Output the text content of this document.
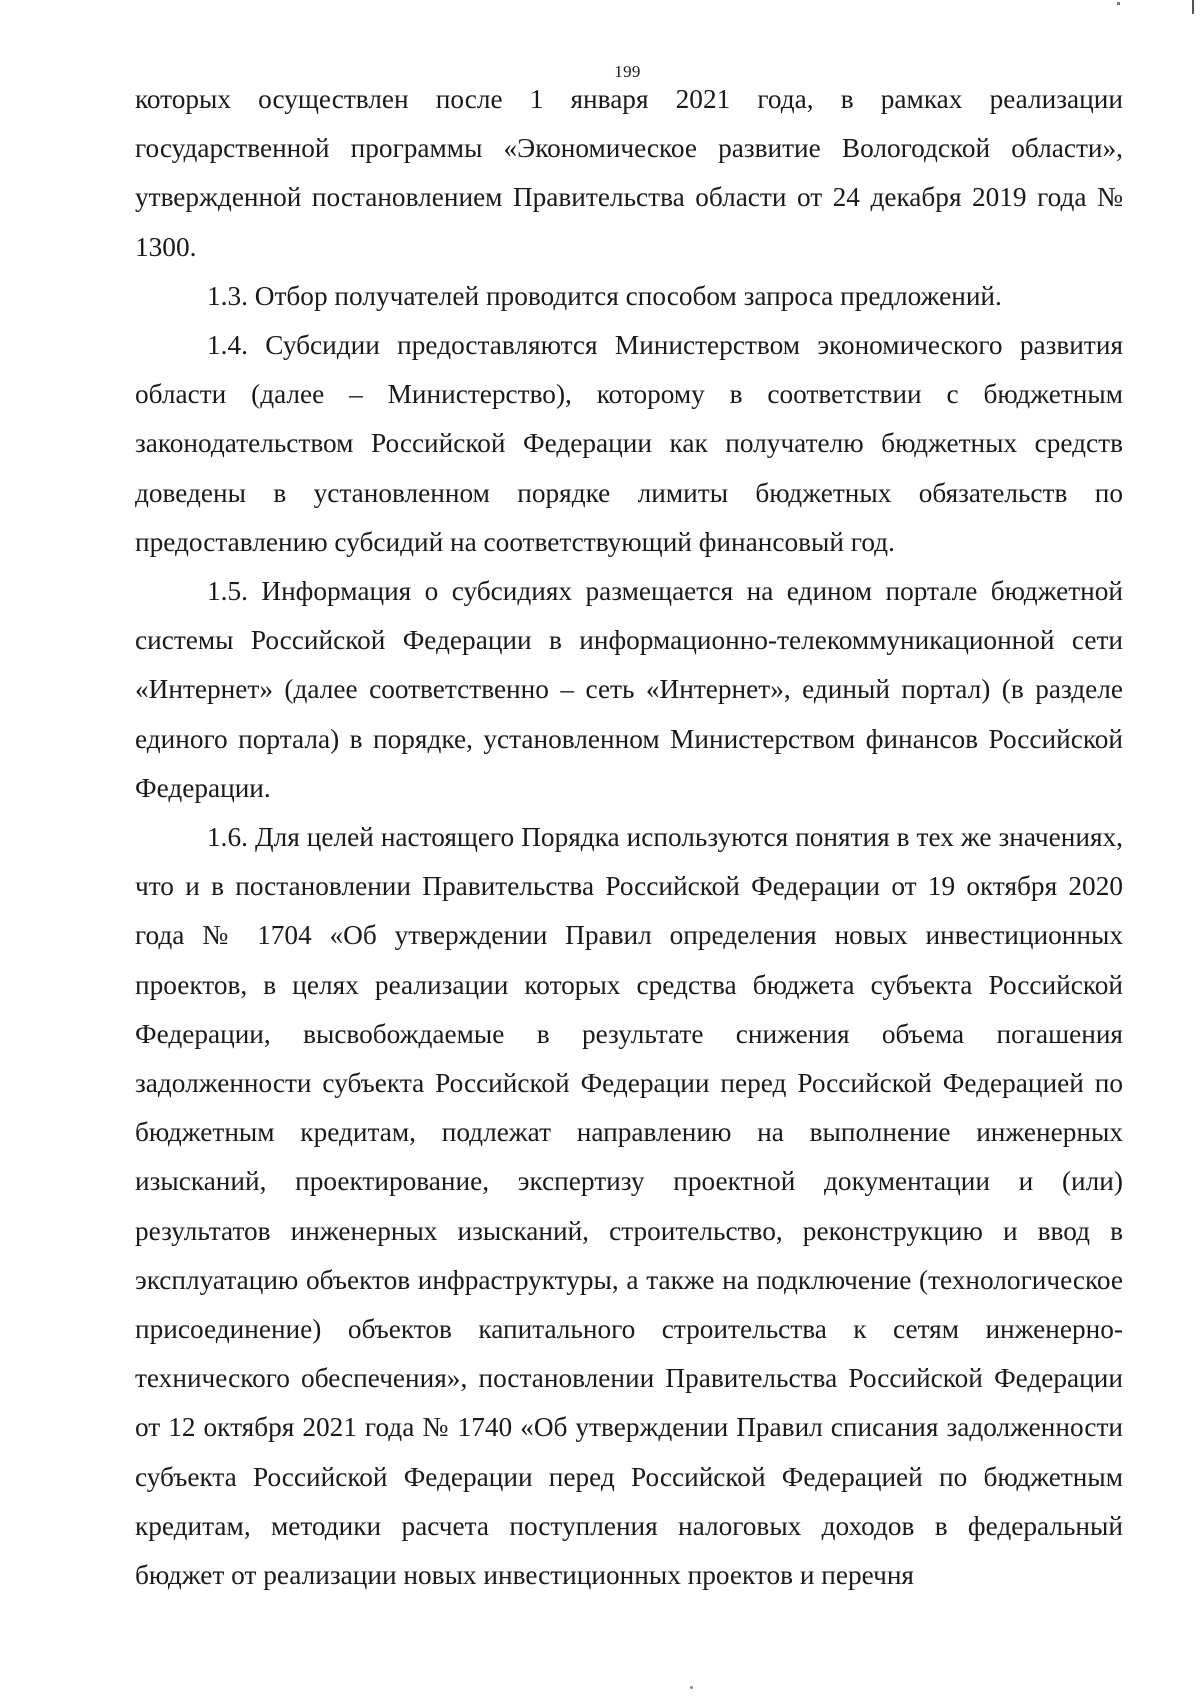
199

которых осуществлен после 1 января 2021 года, в рамках реализации государственной программы «Экономическое развитие Вологодской области», утвержденной постановлением Правительства области от 24 декабря 2019 года № 1300.

1.3. Отбор получателей проводится способом запроса предложений.

1.4. Субсидии предоставляются Министерством экономического развития области (далее – Министерство), которому в соответствии с бюджетным законодательством Российской Федерации как получателю бюджетных средств доведены в установленном порядке лимиты бюджетных обязательств по предоставлению субсидий на соответствующий финансовый год.

1.5. Информация о субсидиях размещается на едином портале бюджетной системы Российской Федерации в информационно-телекоммуникационной сети «Интернет» (далее соответственно – сеть «Интернет», единый портал) (в разделе единого портала) в порядке, установленном Министерством финансов Российской Федерации.

1.6. Для целей настоящего Порядка используются понятия в тех же значениях, что и в постановлении Правительства Российской Федерации от 19 октября 2020 года № 1704 «Об утверждении Правил определения новых инвестиционных проектов, в целях реализации которых средства бюджета субъекта Российской Федерации, высвобождаемые в результате снижения объема погашения задолженности субъекта Российской Федерации перед Российской Федерацией по бюджетным кредитам, подлежат направлению на выполнение инженерных изысканий, проектирование, экспертизу проектной документации и (или) результатов инженерных изысканий, строительство, реконструкцию и ввод в эксплуатацию объектов инфраструктуры, а также на подключение (технологическое присоединение) объектов капитального строительства к сетям инженерно-технического обеспечения», постановлении Правительства Российской Федерации от 12 октября 2021 года № 1740 «Об утверждении Правил списания задолженности субъекта Российской Федерации перед Российской Федерацией по бюджетным кредитам, методики расчета поступления налоговых доходов в федеральный бюджет от реализации новых инвестиционных проектов и перечня
